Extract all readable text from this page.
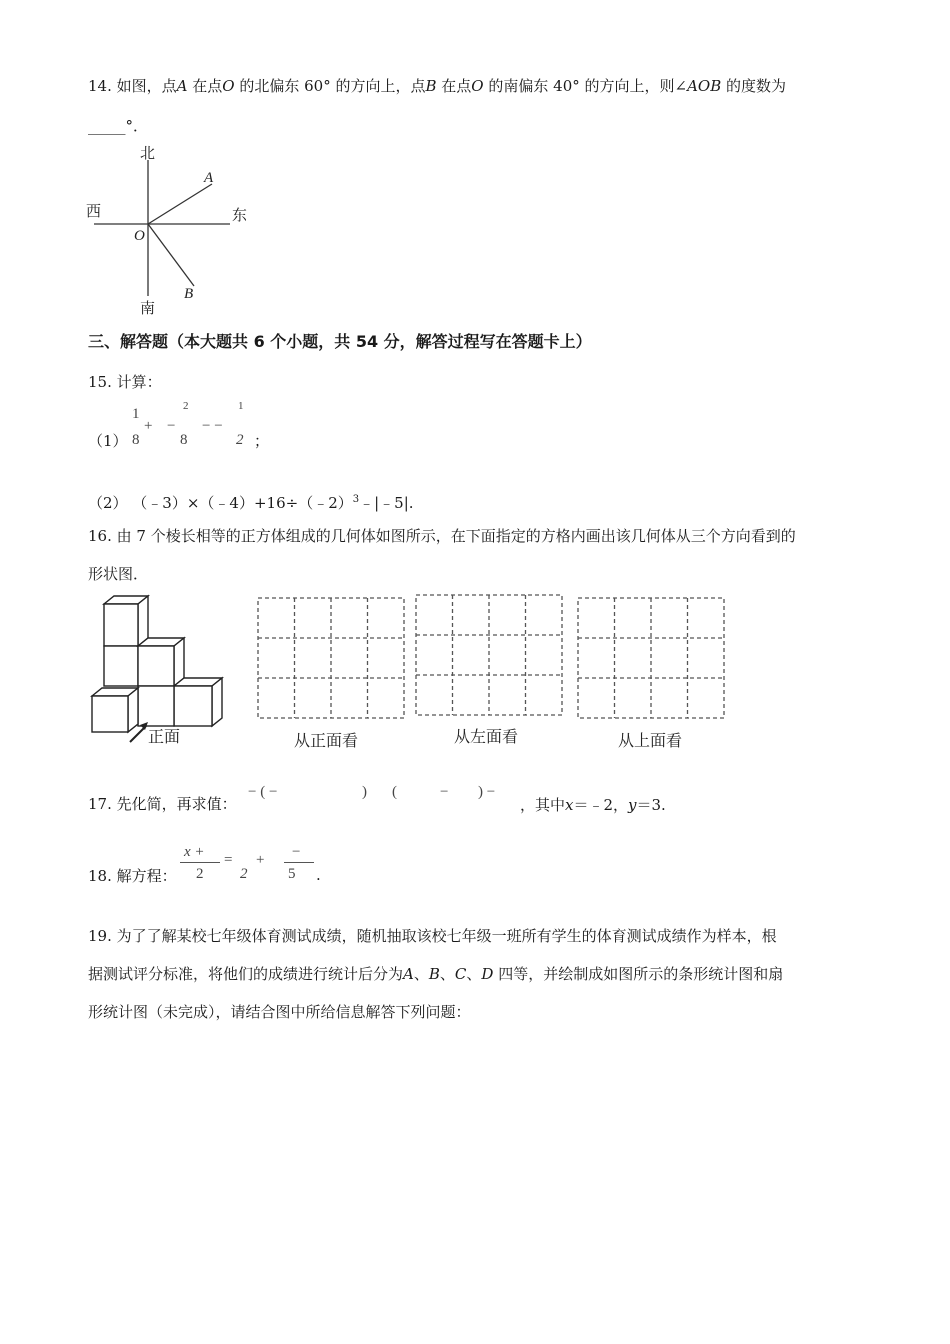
14. 如图，点A 在点O 的北偏东 60° 的方向上，点B 在点O 的南偏东 40° 的方向上，则∠AOB 的度数为
_____°．
北
南
西	东
A
B
O
三、解答题（本大题共 6 个小题，共 54 分，解答过程写在答题卡上）
15. 计算：
（1）
1
8
+ −
2
8
− −
1
2 ；
（2） （﹣3）×（﹣4）+16÷（﹣2）$^3$﹣|﹣5|.
16. 由 7 个棱长相等的正方体组成的几何体如图所示，在下面指定的方格内画出该几何体从三个方向看到的
形状图．
正面	从正面看	从左面看	从上面看
17. 先化简，再求值：
− ( −	) (	− ) −
，其中x＝﹣2，y＝3.
18. 解方程：
x +
2
=
2
+ −
5 .
19. 为了了解某校七年级体育测试成绩，随机抽取该校七年级一班所有学生的体育测试成绩作为样本，根
据测试评分标准，将他们的成绩进行统计后分为A、B、C、D 四等，并绘制成如图所示的条形统计图和扇
形统计图（未完成），请结合图中所给信息解答下列问题：
